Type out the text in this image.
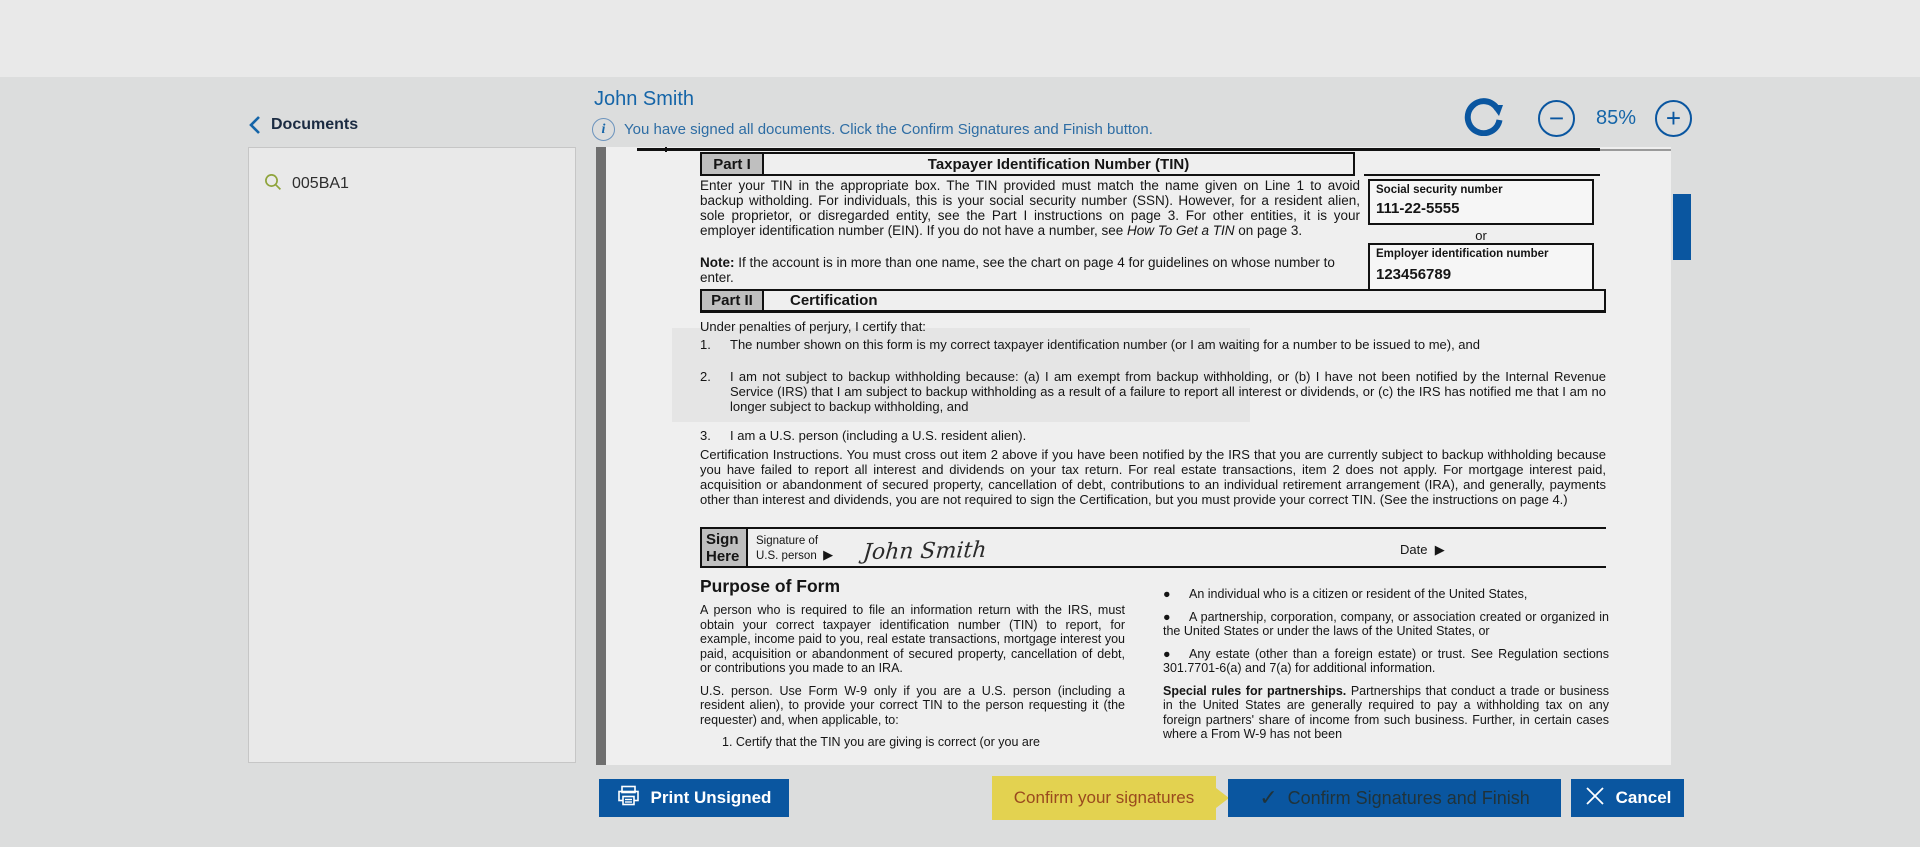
Documents
005BA1
John Smith
i	You have signed all documents. Click the Confirm Signatures and Finish button.	− 85% +
Part I	Taxpayer Identification Number (TIN)
Enter your TIN in the appropriate box. The TIN provided must match the name given on Line 1 to avoid backup witholding. For individuals, this is your social security number (SSN). However, for a resident alien, sole proprietor, or disregarded entity, see the Part I instructions on page 3. For other entities, it is your employer identification number (EIN). If you do not have a number, see How To Get a TIN on page 3.
Note: If the account is in more than one name, see the chart on page 4 for guidelines on whose number to enter.
Social security number
111-22-5555
or
Employer identification number
123456789
Part II	Certification
Under penalties of perjury, I certify that:
1. The number shown on this form is my correct taxpayer identification number (or I am waiting for a number to be issued to me), and
2. I am not subject to backup withholding because: (a) I am exempt from backup withholding, or (b) I have not been notified by the Internal Revenue Service (IRS) that I am subject to backup withholding as a result of a failure to report all interest or dividends, or (c) the IRS has notified me that I am no longer subject to backup withholding, and
3. I am a U.S. person (including a U.S. resident alien).
Certification Instructions. You must cross out item 2 above if you have been notified by the IRS that you are currently subject to backup withholding because you have failed to report all interest and dividends on your tax return. For real estate transactions, item 2 does not apply. For mortgage interest paid, acquisition or abandonment of secured property, cancellation of debt, contributions to an individual retirement arrangement (IRA), and generally, payments other than interest and dividends, you are not required to sign the Certification, but you must provide your correct TIN. (See the instructions on page 4.)
Sign
Here
Signature of
U.S. person ▶ John Smith	Date ▶
Purpose of Form

A person who is required to file an information return with the IRS, must obtain your correct taxpayer identification number (TIN) to report, for example, income paid to you, real estate transactions, mortgage interest you paid, acquisition or abandonment of secured property, cancellation of debt, or contributions you made to an IRA.

U.S. person. Use Form W-9 only if you are a U.S. person (including a resident alien), to provide your correct TIN to the person requesting it (the requester) and, when applicable, to:

1. Certify that the TIN you are giving is correct (or you are

● An individual who is a citizen or resident of the United States,

● A partnership, corporation, company, or association created or organized in the United States or under the laws of the United States, or

● Any estate (other than a foreign estate) or trust. See Regulation sections 301.7701-6(a) and 7(a) for additional information.

Special rules for partnerships. Partnerships that conduct a trade or business in the United States are generally required to pay a withholding tax on any foreign partners' share of income from such business. Further, in certain cases where a From W-9 has not been

Print Unsigned	Confirm your signatures	✓ Confirm Signatures and Finish	Cancel
